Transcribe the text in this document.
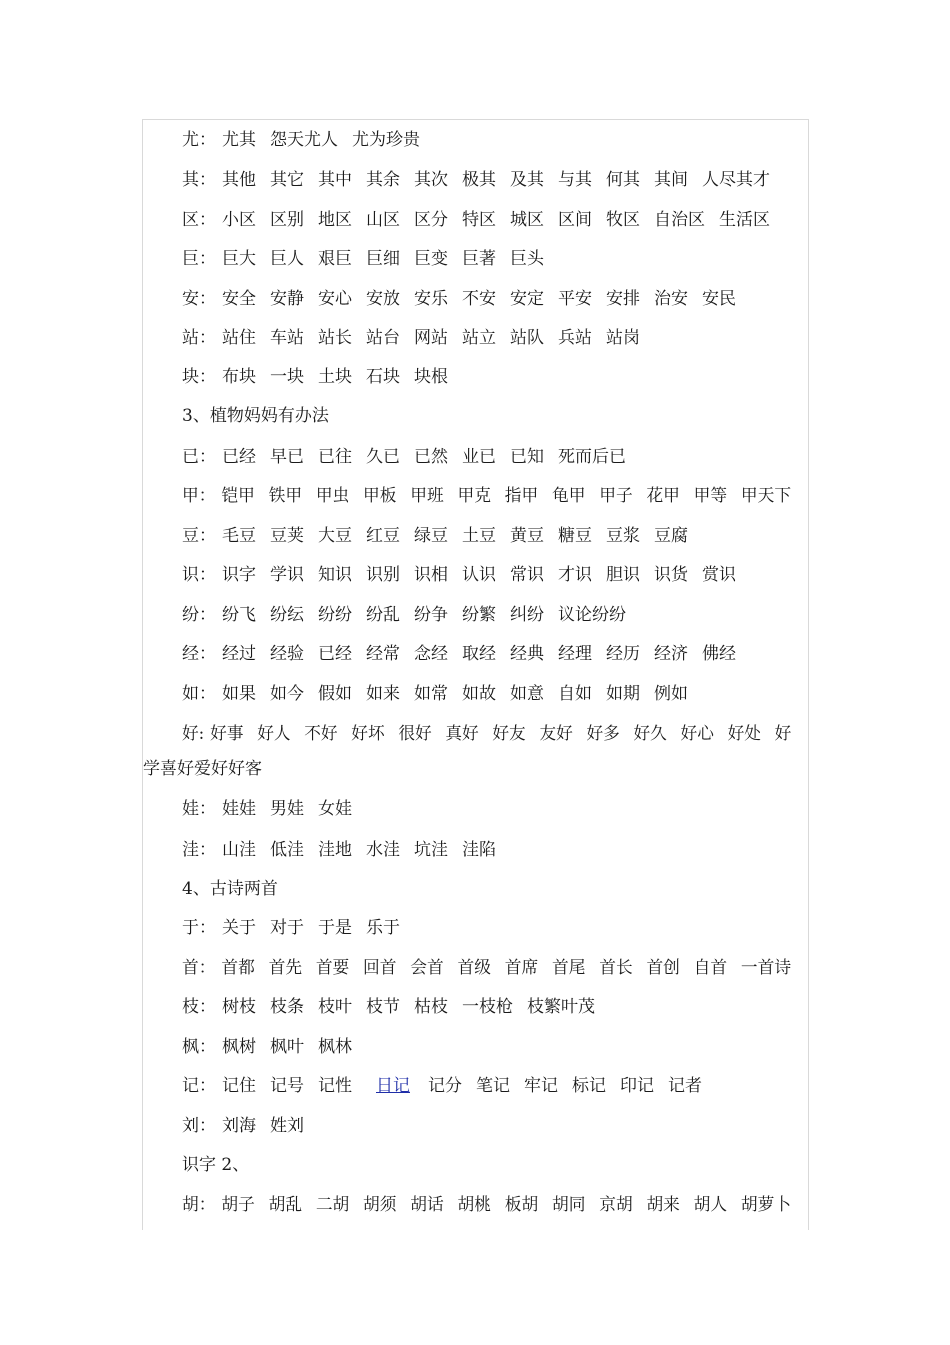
尤： 尤其 怨天尤人 尤为珍贵
其： 其他 其它 其中 其余 其次 极其 及其 与其 何其 其间 人尽其才
区： 小区 区别 地区 山区 区分 特区 城区 区间 牧区 自治区 生活区
巨： 巨大 巨人 艰巨 巨细 巨变 巨著 巨头
安： 安全 安静 安心 安放 安乐 不安 安定 平安 安排 治安 安民
站： 站住 车站 站长 站台 网站 站立 站队 兵站 站岗
块： 布块 一块 土块 石块 块根
3、植物妈妈有办法
已： 已经 早已 已往 久已 已然 业已 已知 死而后已
甲： 铠甲 铁甲 甲虫 甲板 甲班 甲克 指甲 龟甲 甲子 花甲 甲等 甲天下
豆： 毛豆 豆荚 大豆 红豆 绿豆 土豆 黄豆 糖豆 豆浆 豆腐
识： 识字 学识 知识 识别 识相 认识 常识 才识 胆识 识货 赏识
纷： 纷飞 纷纭 纷纷 纷乱 纷争 纷繁 纠纷 议论纷纷
经： 经过 经验 已经 经常 念经 取经 经典 经理 经历 经济 佛经
如： 如果 如今 假如 如来 如常 如故 如意 自如 如期 例如
好: 好事 好人 不好 好坏 很好 真好 好友 友好 好多 好久 好心 好处 好
学喜好爱好好客
娃： 娃娃 男娃 女娃
洼： 山洼 低洼 洼地 水洼 坑洼 洼陷
4、古诗两首
于： 关于 对于 于是 乐于
首： 首都 首先 首要 回首 会首 首级 首席 首尾 首长 首创 自首 一首诗
枝： 树枝 枝条 枝叶 枝节 枯枝 一枝枪 枝繁叶茂
枫： 枫树 枫叶 枫林
记： 记住 记号 记性 日记 记分 笔记 牢记 标记 印记 记者
刘： 刘海 姓刘
识字 2、
胡： 胡子 胡乱 二胡 胡须 胡话 胡桃 板胡 胡同 京胡 胡来 胡人 胡萝卜
